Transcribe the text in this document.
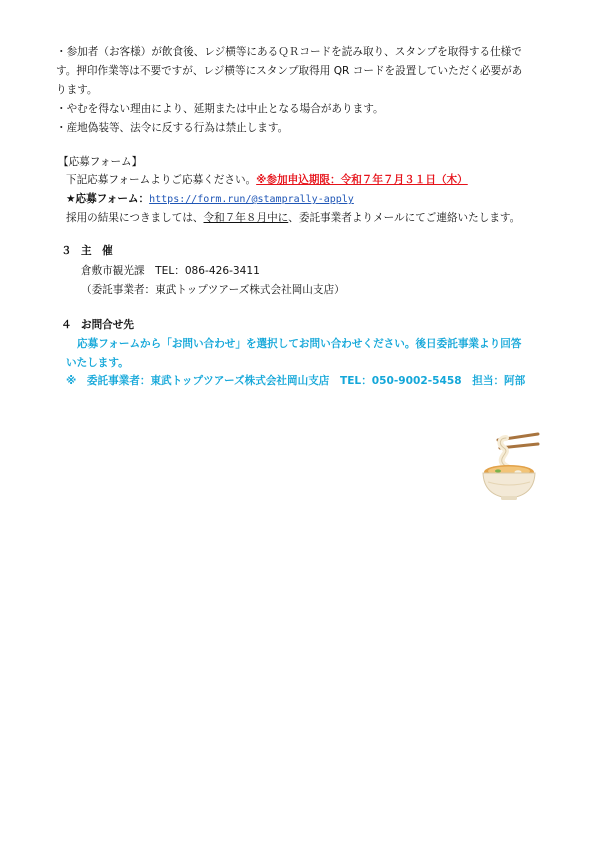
・参加者（お客様）が飲食後、レジ横等にあるＱＲコードを読み取り、スタンプを取得する仕様で
す。押印作業等は不要ですが、レジ横等にスタンプ取得用 QR コードを設置していただく必要があ
ります。
・やむを得ない理由により、延期または中止となる場合があります。
・産地偽装等、法令に反する行為は禁止します。
【応募フォーム】
下記応募フォームよりご応募ください。※参加申込期限：令和７年７月３１日（木）
★応募フォーム：https://form.run/@stamprally-apply
採用の結果につきましては、令和７年８月中に、委託事業者よりメールにてご連絡いたします。
３ 主　催
倉敷市観光課　TEL：086-426-3411
（委託事業者：東武トップツアーズ株式会社岡山支店）
４ お問合せ先
応募フォームから「お問い合わせ」を選択してお問い合わせください。後日委託事業より回答
いたします。
※　委託事業者：東武トップツアーズ株式会社岡山支店　TEL：050-9002-5458　担当：阿部
